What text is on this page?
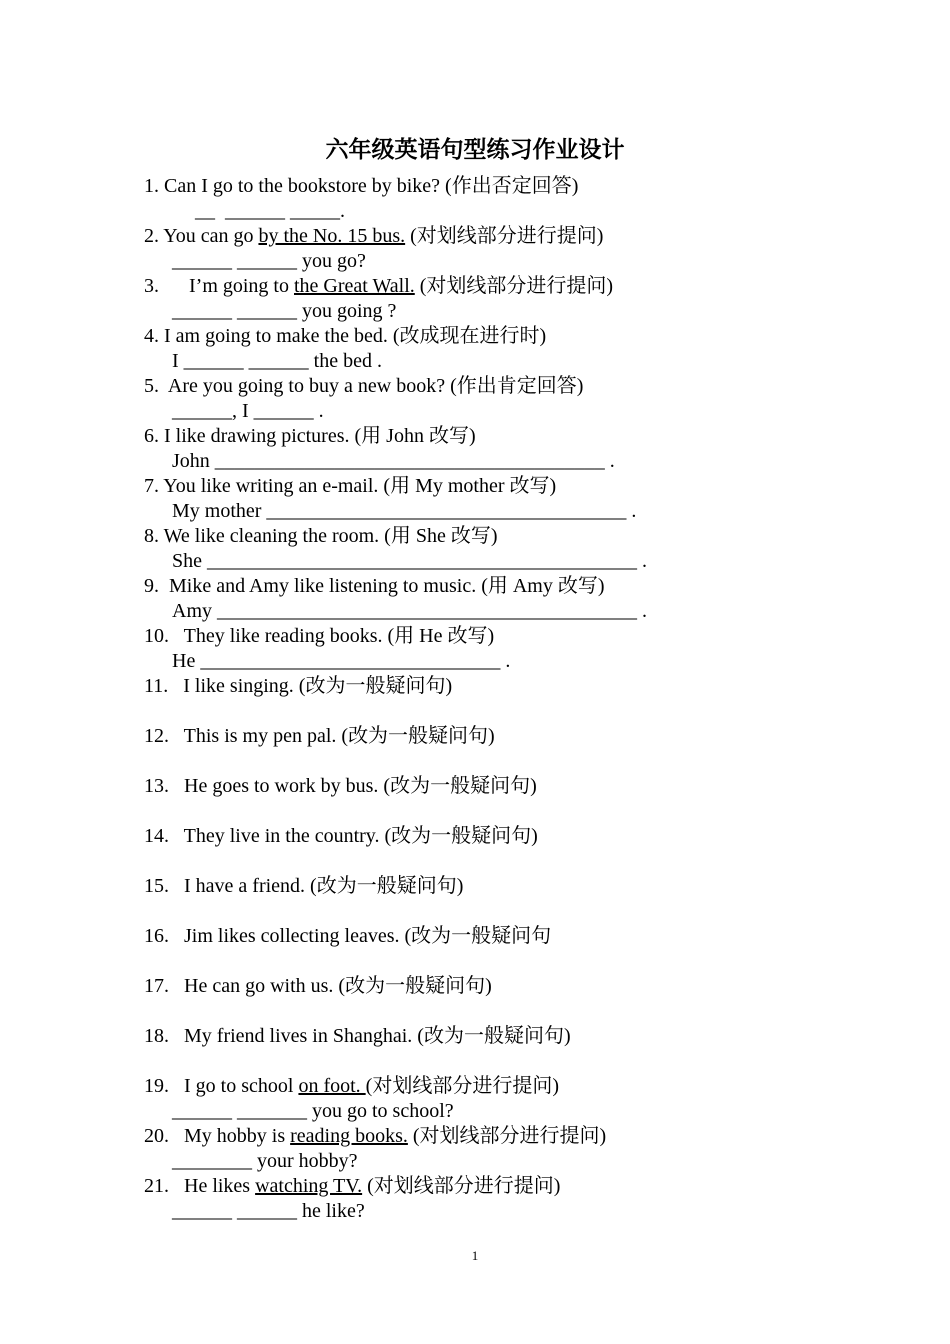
六年级英语句型练习作业设计
1. Can I go to the bookstore by bike? (作出否定回答)
__  ______ _____.
2. You can go by the No. 15 bus. (对划线部分进行提问)
______ ______ you go?
3.      I’m going to the Great Wall. (对划线部分进行提问)
______ ______ you going ?
4. I am going to make the bed. (改成现在进行时)
I ______ ______ the bed .
5.  Are you going to buy a new book? (作出肯定回答)
______, I ______ .
6. I like drawing pictures. (用 John 改写)
John _______________________________________ .
7. You like writing an e-mail. (用 My mother 改写)
My mother ____________________________________ .
8. We like cleaning the room. (用 She 改写)
She ___________________________________________ .
9.  Mike and Amy like listening to music. (用 Amy 改写)
Amy __________________________________________ .
10.   They like reading books. (用 He 改写)
He ______________________________ .
11.   I like singing. (改为一般疑问句)
12.   This is my pen pal. (改为一般疑问句)
13.   He goes to work by bus. (改为一般疑问句)
14.   They live in the country. (改为一般疑问句)
15.   I have a friend. (改为一般疑问句)
16.   Jim likes collecting leaves. (改为一般疑问句
17.   He can go with us. (改为一般疑问句)
18.   My friend lives in Shanghai. (改为一般疑问句)
19.   I go to school on foot. (对划线部分进行提问)
______ _______ you go to school?
20.   My hobby is reading books. (对划线部分进行提问)
________ your hobby?
21.   He likes watching TV. (对划线部分进行提问)
______ ______ he like?
1
